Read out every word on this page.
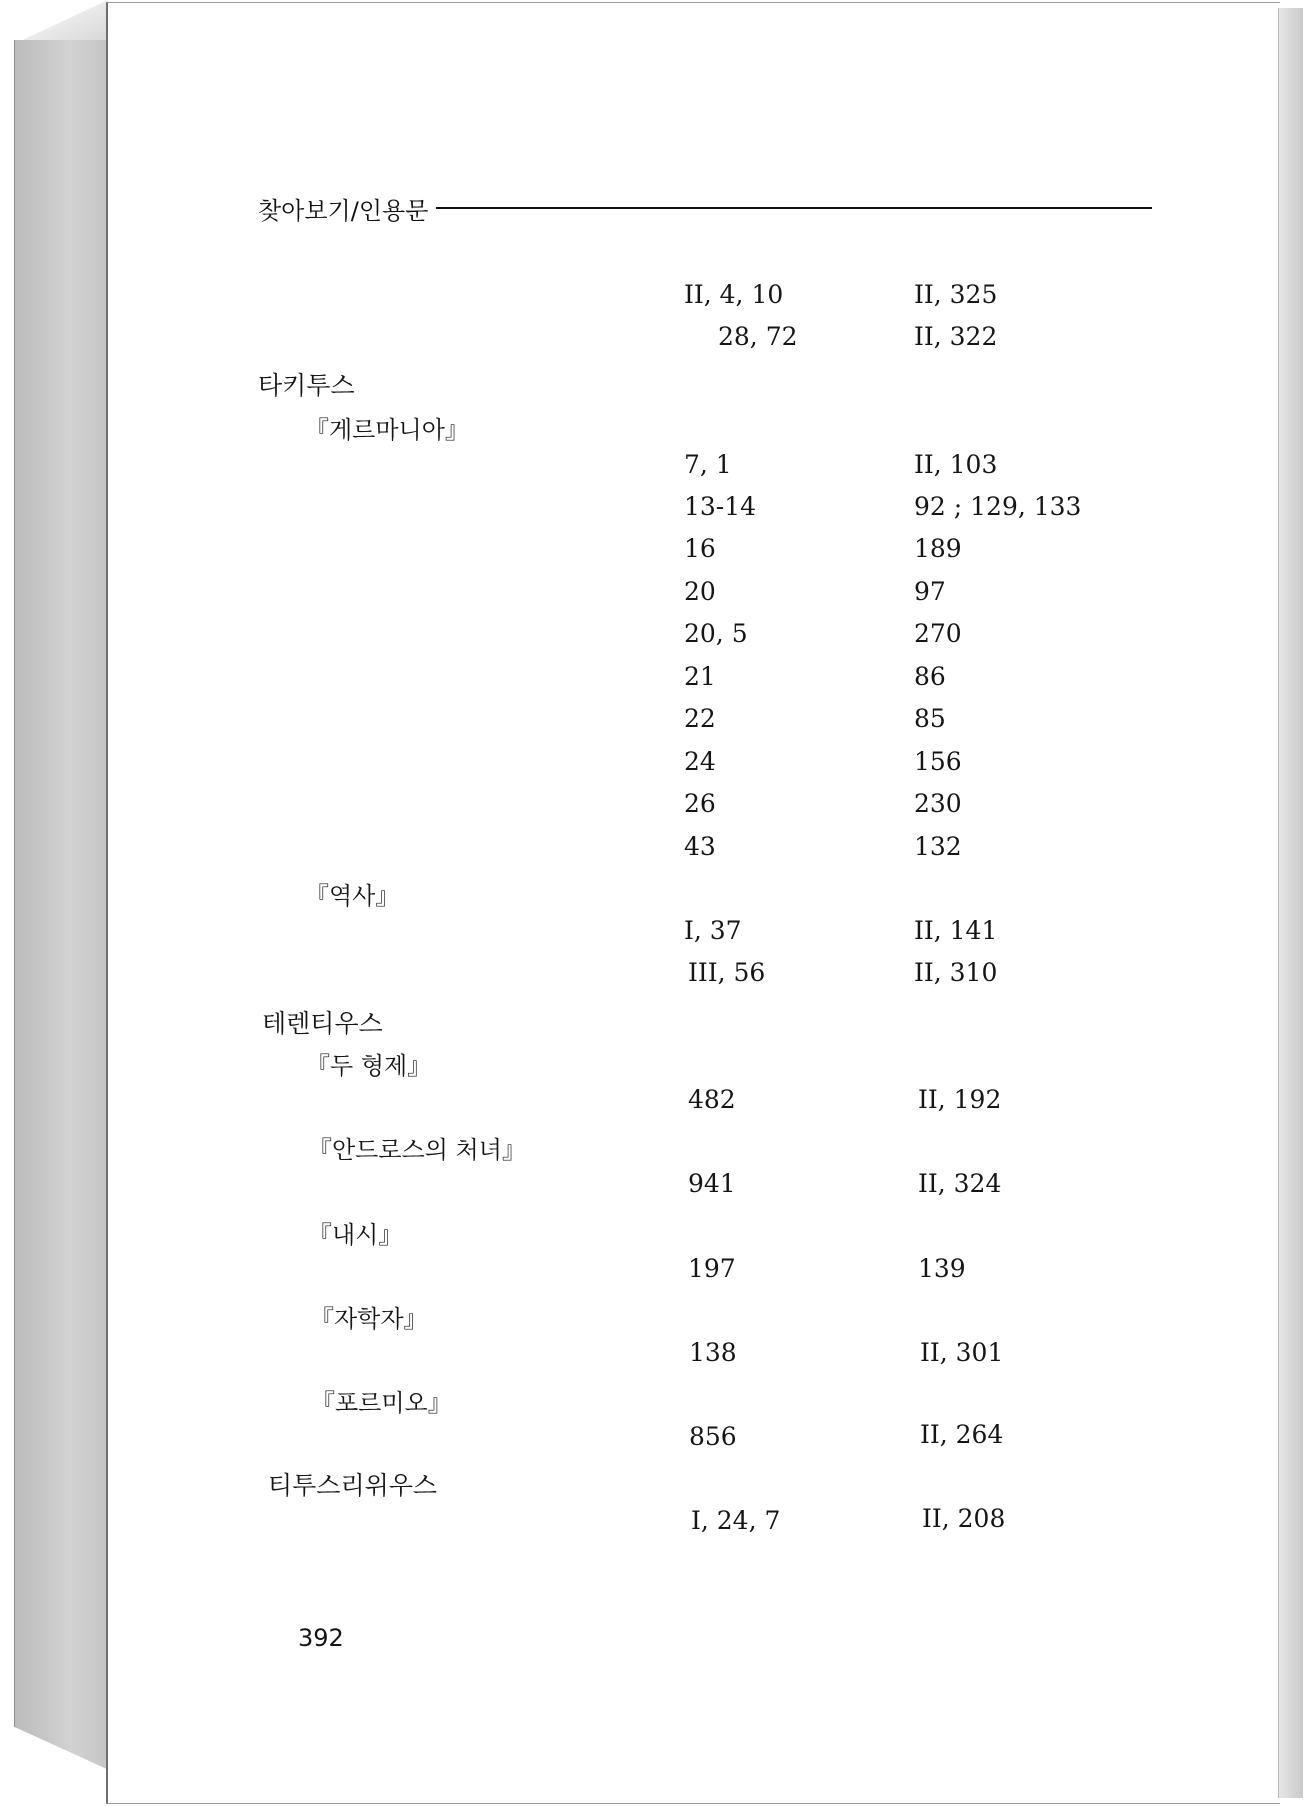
찾아보기/인용문
II, 4, 10	II, 325
28, 72	II, 322
타키투스
『게르마니아』
7, 1	II, 103
13-14	92 ; 129, 133
16	189
20	97
20, 5	270
21	86
22	85
24	156
26	230
43	132
『역사』
I, 37	II, 141
III, 56	II, 310
테렌티우스
『두 형제』
482	II, 192
『안드로스의 처녀』
941	II, 324
『내시』
197	139
『자학자』
138	II, 301
『포르미오』
856	II, 264
티투스리위우스
I, 24, 7	II, 208
392
